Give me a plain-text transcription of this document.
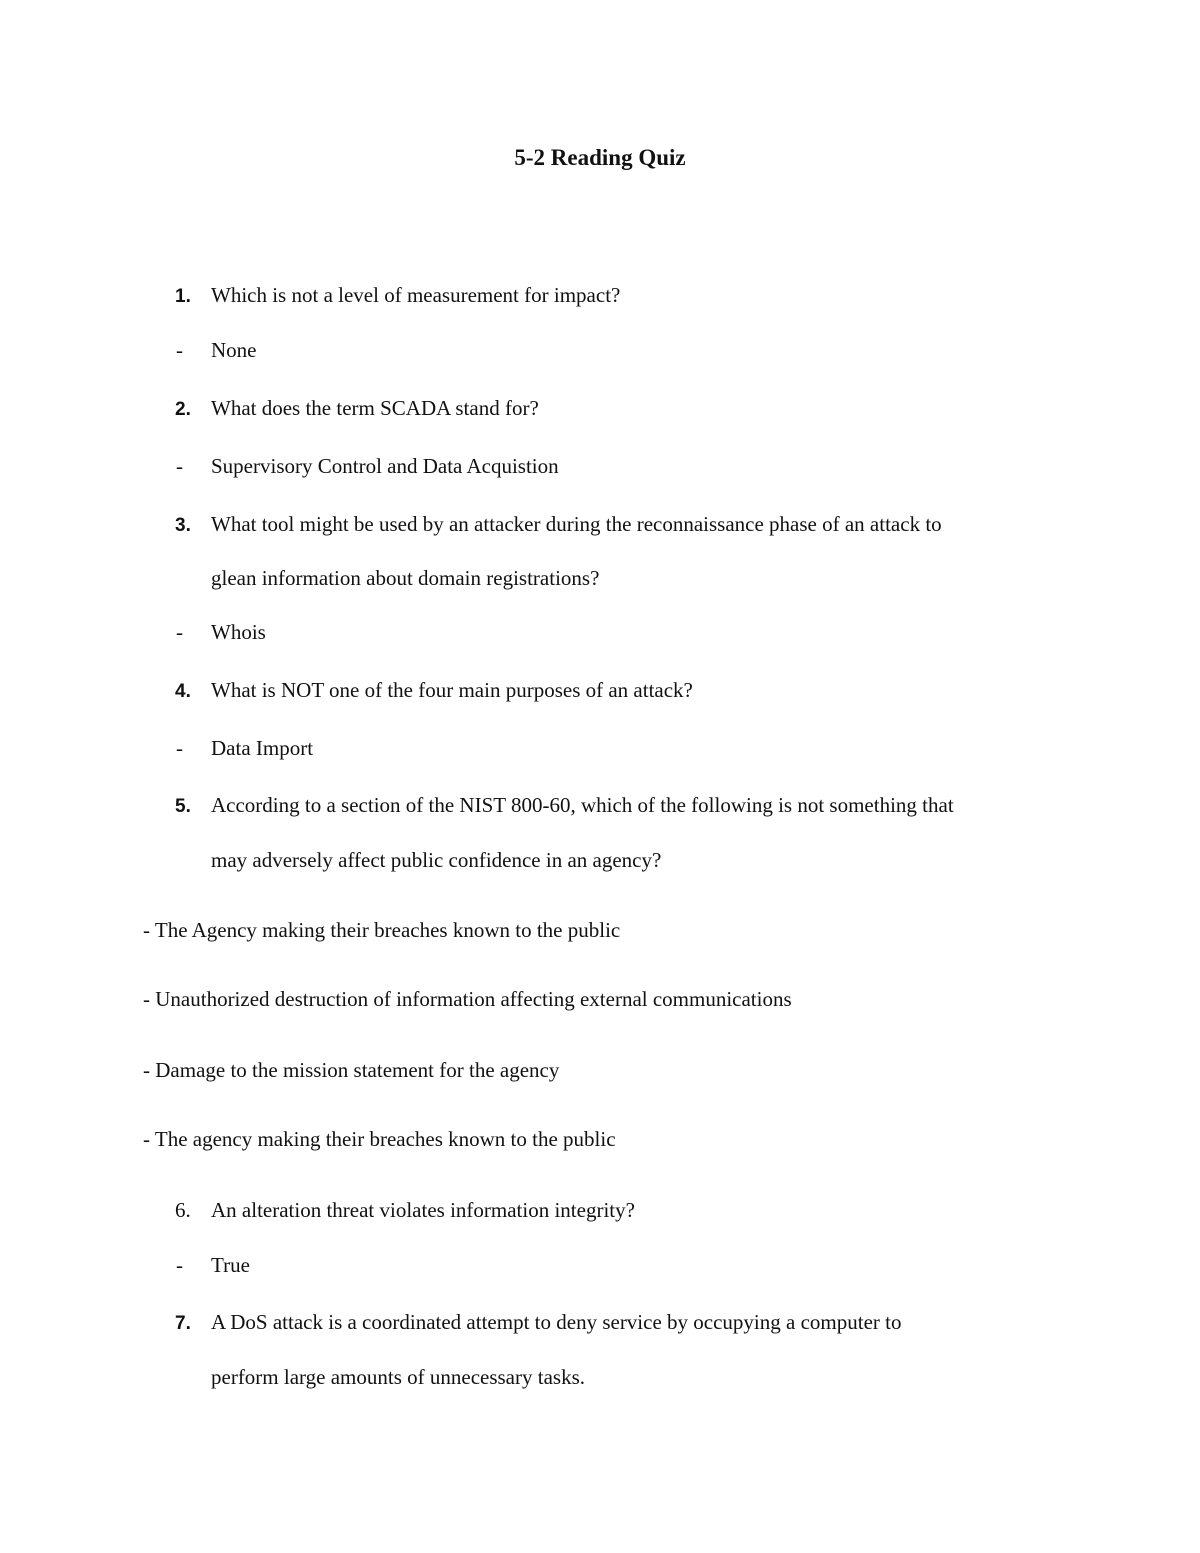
5-2 Reading Quiz
1. Which is not a level of measurement for impact?
- None
2. What does the term SCADA stand for?
- Supervisory Control and Data Acquistion
3. What tool might be used by an attacker during the reconnaissance phase of an attack to
glean information about domain registrations?
- Whois
4. What is NOT one of the four main purposes of an attack?
- Data Import
5. According to a section of the NIST 800-60, which of the following is not something that
may adversely affect public confidence in an agency?
- The Agency making their breaches known to the public
- Unauthorized destruction of information affecting external communications
- Damage to the mission statement for the agency
- The agency making their breaches known to the public
6. An alteration threat violates information integrity?
- True
7. A DoS attack is a coordinated attempt to deny service by occupying a computer to
perform large amounts of unnecessary tasks.
